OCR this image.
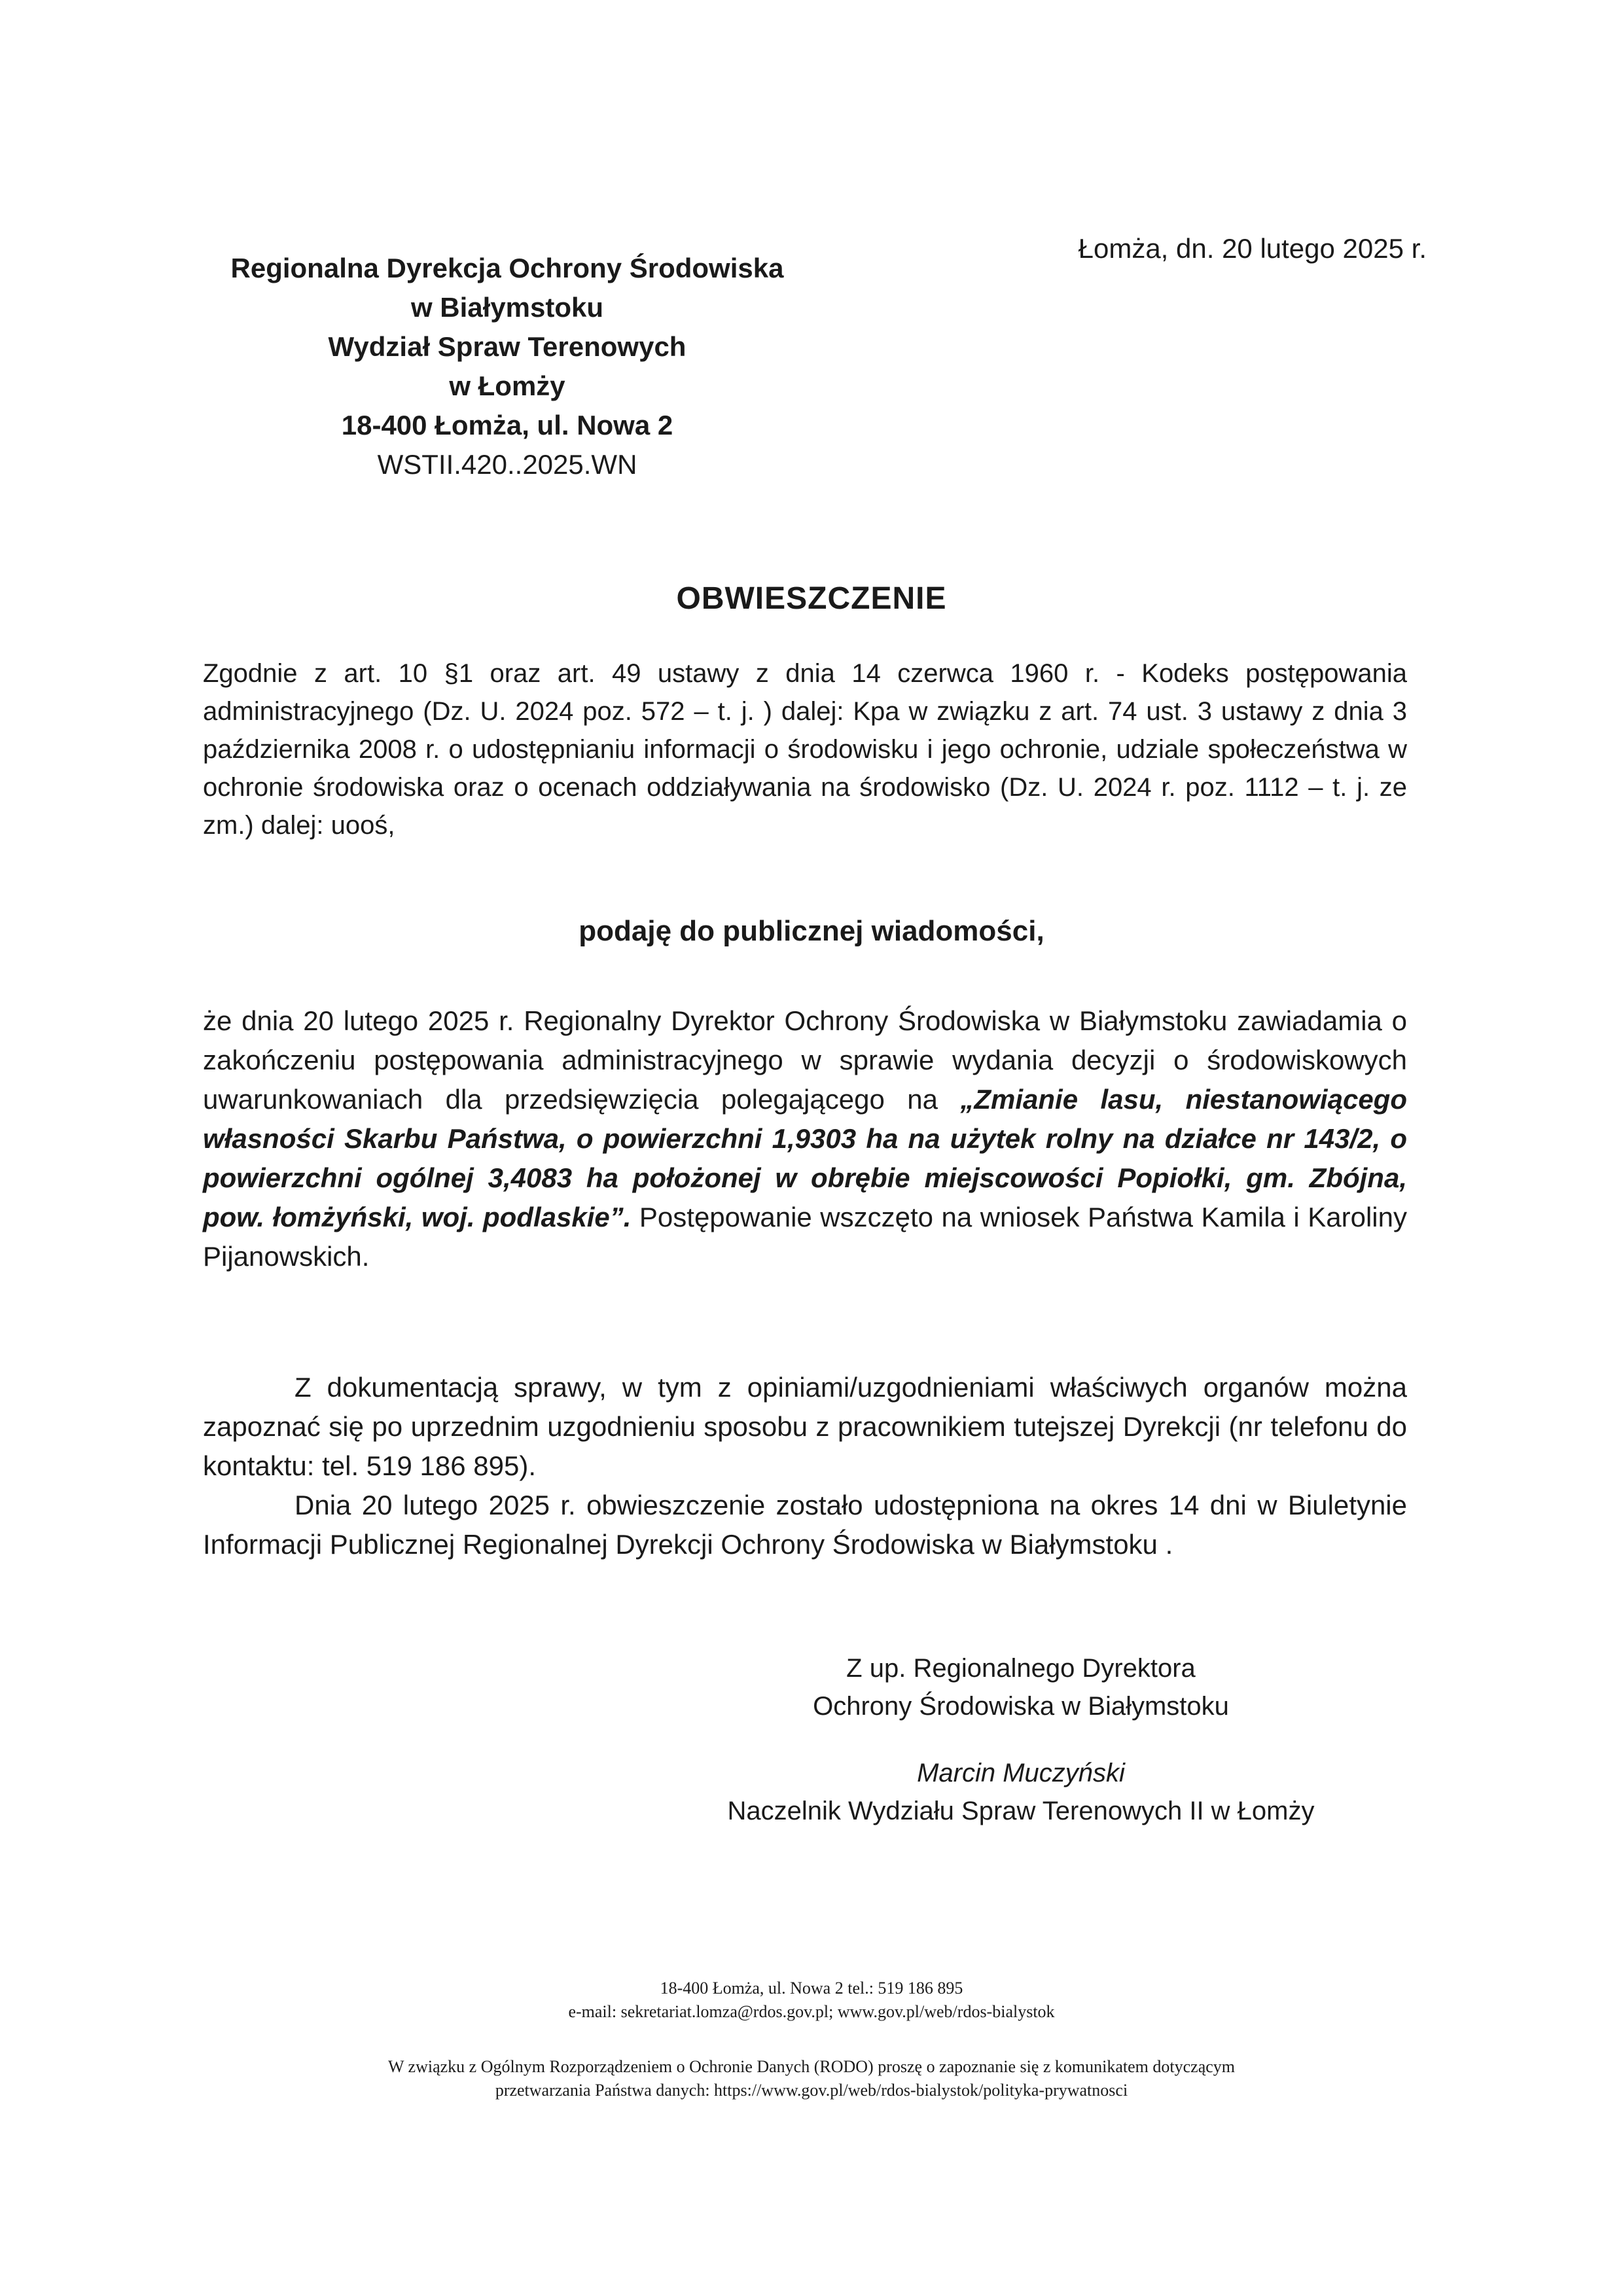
Regionalna Dyrekcja Ochrony Środowiska
w Białymstoku
Wydział Spraw Terenowych
w Łomży
18-400 Łomża, ul. Nowa 2
WSTII.420..2025.WN
Łomża, dn. 20 lutego 2025 r.
OBWIESZCZENIE
Zgodnie z art. 10 §1 oraz art. 49 ustawy z dnia 14 czerwca 1960 r. - Kodeks postępowania administracyjnego (Dz. U. 2024 poz. 572 – t. j. ) dalej: Kpa w związku z art. 74 ust. 3 ustawy z dnia 3 października 2008 r. o udostępnianiu informacji o środowisku i jego ochronie, udziale społeczeństwa w ochronie środowiska oraz o ocenach oddziaływania na środowisko (Dz. U. 2024 r. poz. 1112 – t. j. ze zm.) dalej: uooś,
podaję do publicznej wiadomości,
że dnia 20 lutego 2025 r. Regionalny Dyrektor Ochrony Środowiska w Białymstoku zawiadamia o zakończeniu postępowania administracyjnego w sprawie wydania decyzji o środowiskowych uwarunkowaniach dla przedsięwzięcia polegającego na „Zmianie lasu, niestanowiącego własności Skarbu Państwa, o powierzchni 1,9303 ha na użytek rolny na działce nr 143/2, o powierzchni ogólnej 3,4083 ha położonej w obrębie miejscowości Popiołki, gm. Zbójna, pow. łomżyński, woj. podlaskie”. Postępowanie wszczęto na wniosek Państwa Kamila i Karoliny Pijanowskich.
Z dokumentacją sprawy, w tym z opiniami/uzgodnieniami właściwych organów można zapoznać się po uprzednim uzgodnieniu sposobu z pracownikiem tutejszej Dyrekcji (nr telefonu do kontaktu: tel. 519 186 895).
Dnia 20 lutego 2025 r. obwieszczenie zostało udostępniona na okres 14 dni w Biuletynie Informacji Publicznej Regionalnej Dyrekcji Ochrony Środowiska w Białymstoku .
Z up. Regionalnego Dyrektora
Ochrony Środowiska w Białymstoku
Marcin Muczyński
Naczelnik Wydziału Spraw Terenowych II w Łomży
18-400 Łomża, ul. Nowa 2 tel.: 519 186 895
e-mail: sekretariat.lomza@rdos.gov.pl; www.gov.pl/web/rdos-bialystok
W związku z Ogólnym Rozporządzeniem o Ochronie Danych (RODO) proszę o zapoznanie się z komunikatem dotyczącym
przetwarzania Państwa danych: https://www.gov.pl/web/rdos-bialystok/polityka-prywatnosci
